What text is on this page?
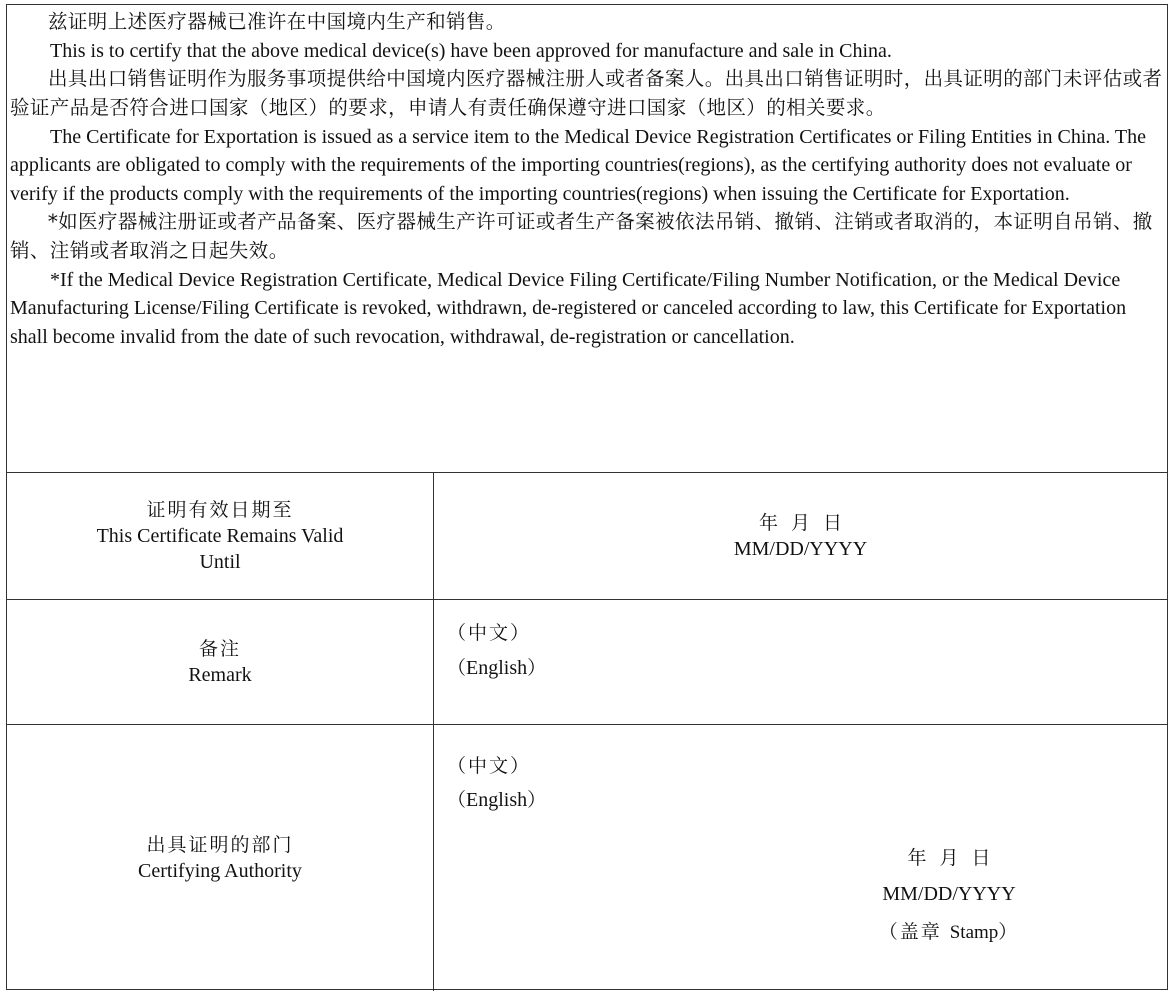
兹证明上述医疗器械已准许在中国境内生产和销售。

This is to certify that the above medical device(s) have been approved for manufacture and sale in China.

出具出口销售证明作为服务事项提供给中国境内医疗器械注册人或者备案人。出具出口销售证明时，出具证明的部门未评估或者验证产品是否符合进口国家（地区）的要求，申请人有责任确保遵守进口国家（地区）的相关要求。

The Certificate for Exportation is issued as a service item to the Medical Device Registration Certificates or Filing Entities in China. The applicants are obligated to comply with the requirements of the importing countries(regions), as the certifying authority does not evaluate or verify if the products comply with the requirements of the importing countries(regions) when issuing the Certificate for Exportation.

*如医疗器械注册证或者产品备案、医疗器械生产许可证或者生产备案被依法吊销、撤销、注销或者取消的，本证明自吊销、撤销、注销或者取消之日起失效。

*If the Medical Device Registration Certificate, Medical Device Filing Certificate/Filing Number Notification, or the Medical Device Manufacturing License/Filing Certificate is revoked, withdrawn, de-registered or canceled according to law, this Certificate for Exportation shall become invalid from the date of such revocation, withdrawal, de-registration or cancellation.

证明有效日期至
This Certificate Remains Valid
Until
年月日
MM/DD/YYYY
备注
Remark
（中文）
（English）
出具证明的部门
Certifying Authority
（中文）
（English）
年月日
MM/DD/YYYY
（盖章 Stamp）
